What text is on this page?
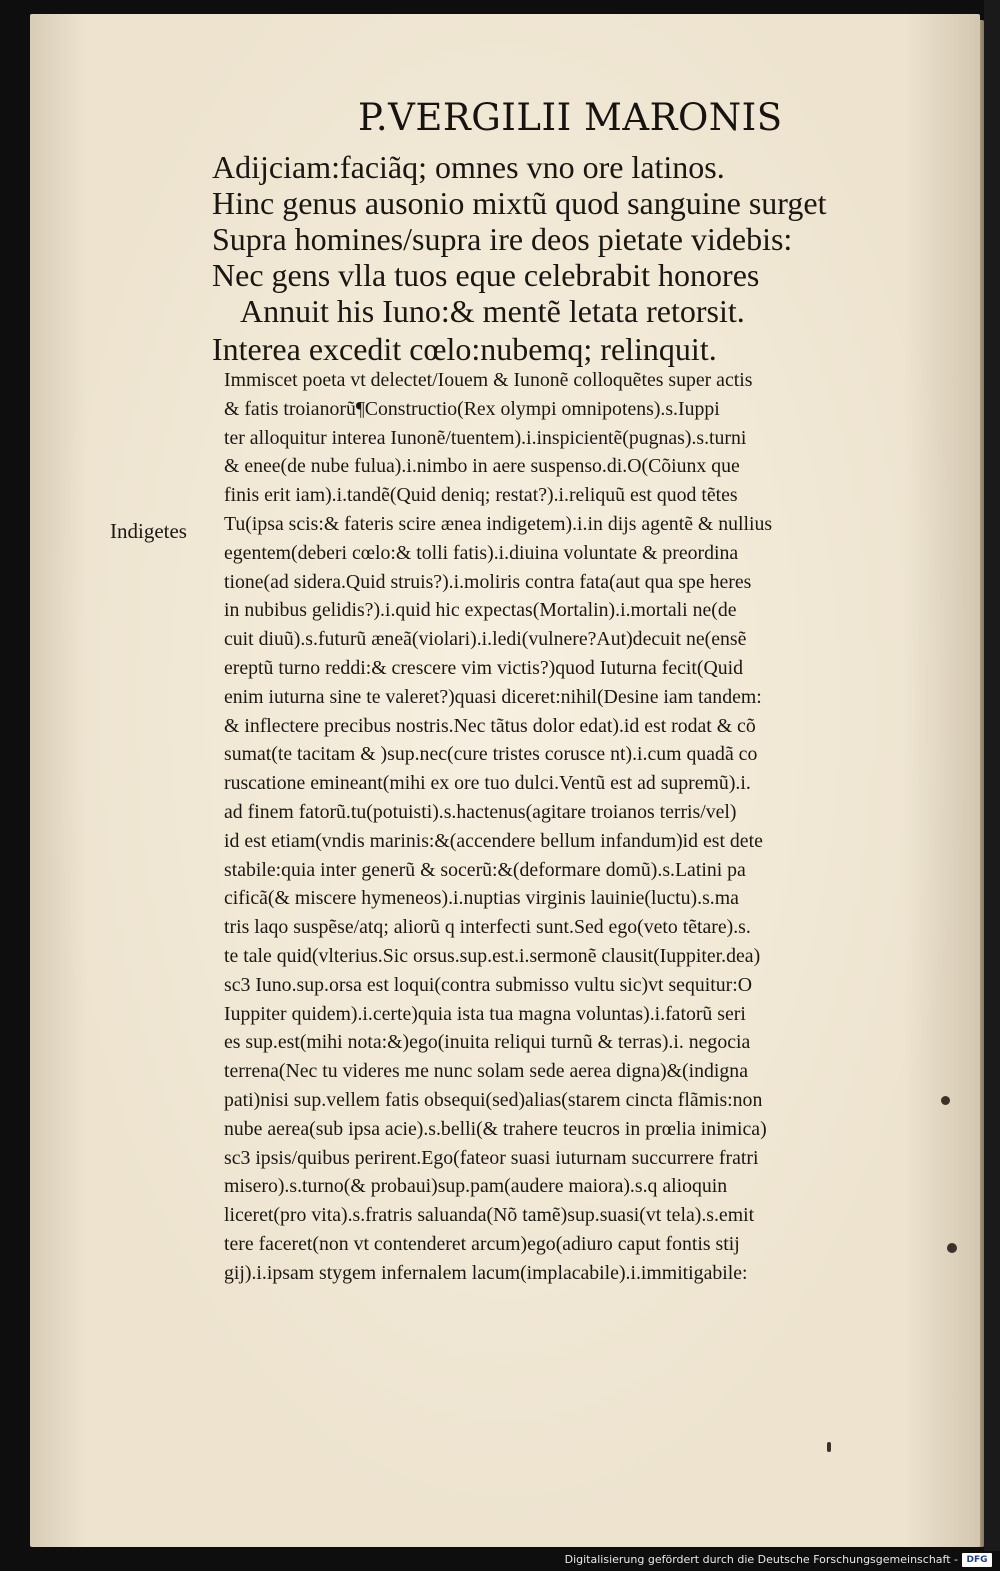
P.VERGILII MARONIS
Adijciam:faciãq; omnes vno ore latinos.
Hinc genus ausonio mixtũ quod sanguine surget
Supra homines/supra ire deos pietate videbis:
Nec gens vlla tuos eque celebrabit honores
Annuit his Iuno:& mentẽ letata retorsit.
Interea excedit cœlo:nubemq; relinquit.
Indigetes
Immiscet poeta vt delectet/Iouem & Iunonẽ colloquẽtes super actis
& fatis troianorũ¶Constructio(Rex olympi omnipotens).s.Iuppi
ter alloquitur interea Iunonẽ/tuentem).i.inspicientẽ(pugnas).s.turni
& enee(de nube fulua).i.nimbo in aere suspenso.di.O(Cõiunx que
finis erit iam).i.tandẽ(Quid deniq; restat?).i.reliquũ est quod tẽtes
Tu(ipsa scis:& fateris scire ænea indigetem).i.in dijs agentẽ & nullius
egentem(deberi cœlo:& tolli fatis).i.diuina voluntate & preordina
tione(ad sidera.Quid struis?).i.moliris contra fata(aut qua spe heres
in nubibus gelidis?).i.quid hic expectas(Mortalin).i.mortali ne(de
cuit diuũ).s.futurũ æneã(violari).i.ledi(vulnere?Aut)decuit ne(ensẽ
ereptũ turno reddi:& crescere vim victis?)quod Iuturna fecit(Quid
enim iuturna sine te valeret?)quasi diceret:nihil(Desine iam tandem:
& inflectere precibus nostris.Nec tãtus dolor edat).id est rodat & cõ
sumat(te tacitam & )sup.nec(cure tristes corusce nt).i.cum quadã co
ruscatione emineant(mihi ex ore tuo dulci.Ventũ est ad supremũ).i.
ad finem fatorũ.tu(potuisti).s.hactenus(agitare troianos terris/vel)
id est etiam(vndis marinis:&(accendere bellum infandum)id est dete
stabile:quia inter generũ & socerũ:&(deformare domũ).s.Latini pa
cificã(& miscere hymeneos).i.nuptias virginis lauinie(luctu).s.ma
tris laqo suspẽse/atq; aliorũ q interfecti sunt.Sed ego(veto tẽtare).s.
te tale quid(vlterius.Sic orsus.sup.est.i.sermonẽ clausit(Iuppiter.dea)
sc3 Iuno.sup.orsa est loqui(contra submisso vultu sic)vt sequitur:O
Iuppiter quidem).i.certe)quia ista tua magna voluntas).i.fatorũ seri
es sup.est(mihi nota:&)ego(inuita reliqui turnũ & terras).i. negocia
terrena(Nec tu videres me nunc solam sede aerea digna)&(indigna
pati)nisi sup.vellem fatis obsequi(sed)alias(starem cincta flãmis:non
nube aerea(sub ipsa acie).s.belli(& trahere teucros in prœlia inimica)
sc3 ipsis/quibus perirent.Ego(fateor suasi iuturnam succurrere fratri
misero).s.turno(& probaui)sup.pam(audere maiora).s.q alioquin
liceret(pro vita).s.fratris saluanda(Nõ tamẽ)sup.suasi(vt tela).s.emit
tere faceret(non vt contenderet arcum)ego(adiuro caput fontis stij
gij).i.ipsam stygem infernalem lacum(implacabile).i.immitigabile:
Digitalisierung gefördert durch die Deutsche Forschungsgemeinschaft - DFG
